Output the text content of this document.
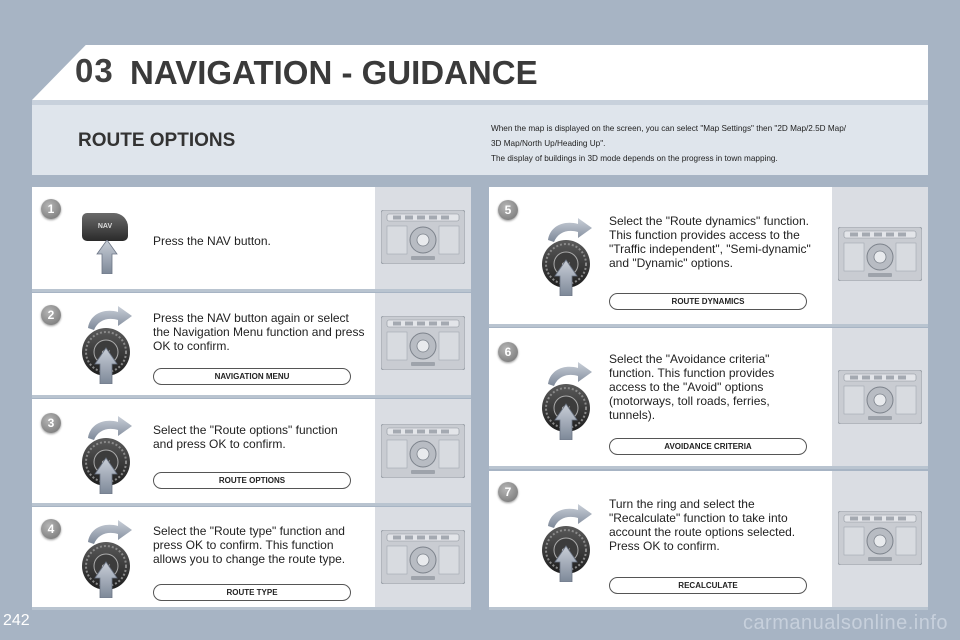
03 NAVIGATION - GUIDANCE
ROUTE OPTIONS

When the map is displayed on the screen, you can select "Map Settings" then "2D Map/2.5D Map/

3D Map/North Up/Heading Up".

The display of buildings in 3D mode depends on the progress in town mapping.

1
NAV
Press the NAV button.
2	Press the NAV button again or select the Navigation Menu function and press OK to confirm.
NAVIGATION MENU
3	Select the "Route options" function and press OK to confirm.
ROUTE OPTIONS
4	Select the "Route type" function and press OK to confirm. This function allows you to change the route type.
ROUTE TYPE
5
Select the "Route dynamics" function. This function provides access to the "Traffic independent", "Semi-dynamic" and "Dynamic" options.
ROUTE DYNAMICS
6	Select the "Avoidance criteria" function. This function provides access to the "Avoid" options (motorways, toll roads, ferries, tunnels).
AVOIDANCE CRITERIA
7
Turn the ring and select the "Recalculate" function to take into account the route options selected. Press OK to confirm.
RECALCULATE
242	carmanualsonline.info
